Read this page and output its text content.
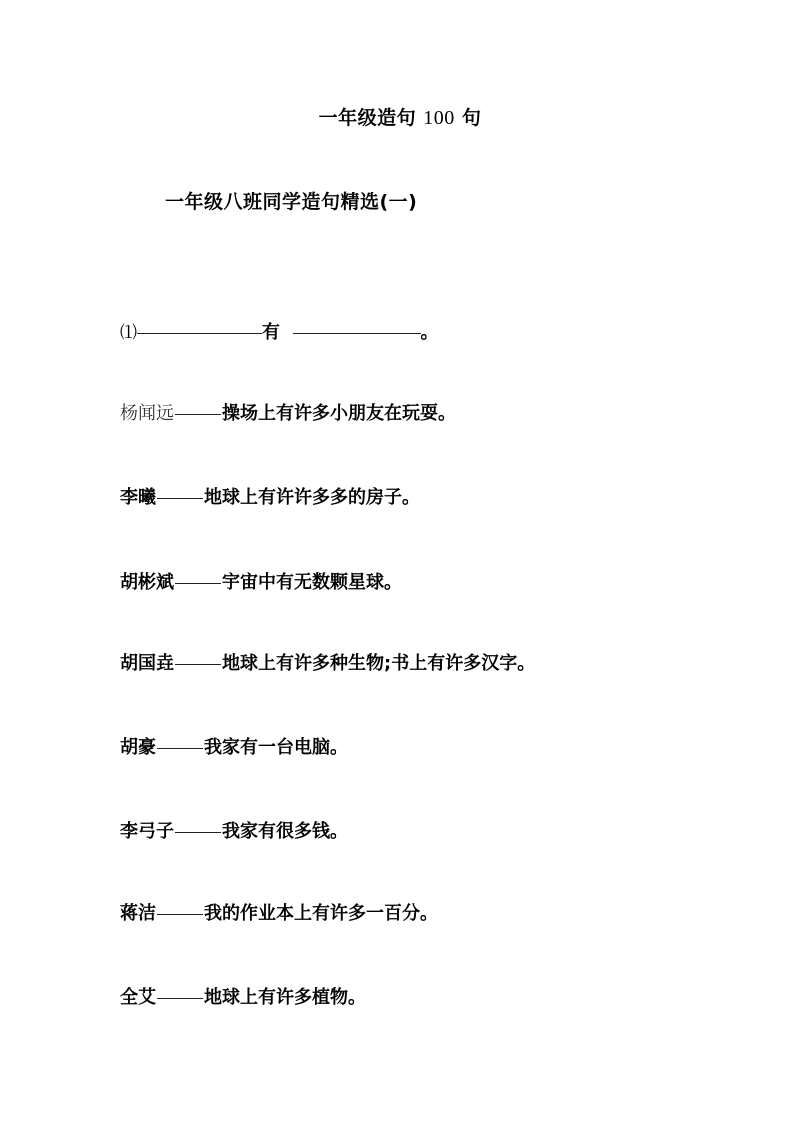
一年级造句 100 句
一年级八班同学造句精选(一)
⑴	有	。
杨闻远	操场上有许多小朋友在玩耍。
李曦	地球上有许许多多的房子。
胡彬斌	宇宙中有无数颗星球。
胡国垚	地球上有许多种生物;书上有许多汉字。
胡豪	我家有一台电脑。
李弓子	我家有很多钱。
蒋洁	我的作业本上有许多一百分。
全艾	地球上有许多植物。
